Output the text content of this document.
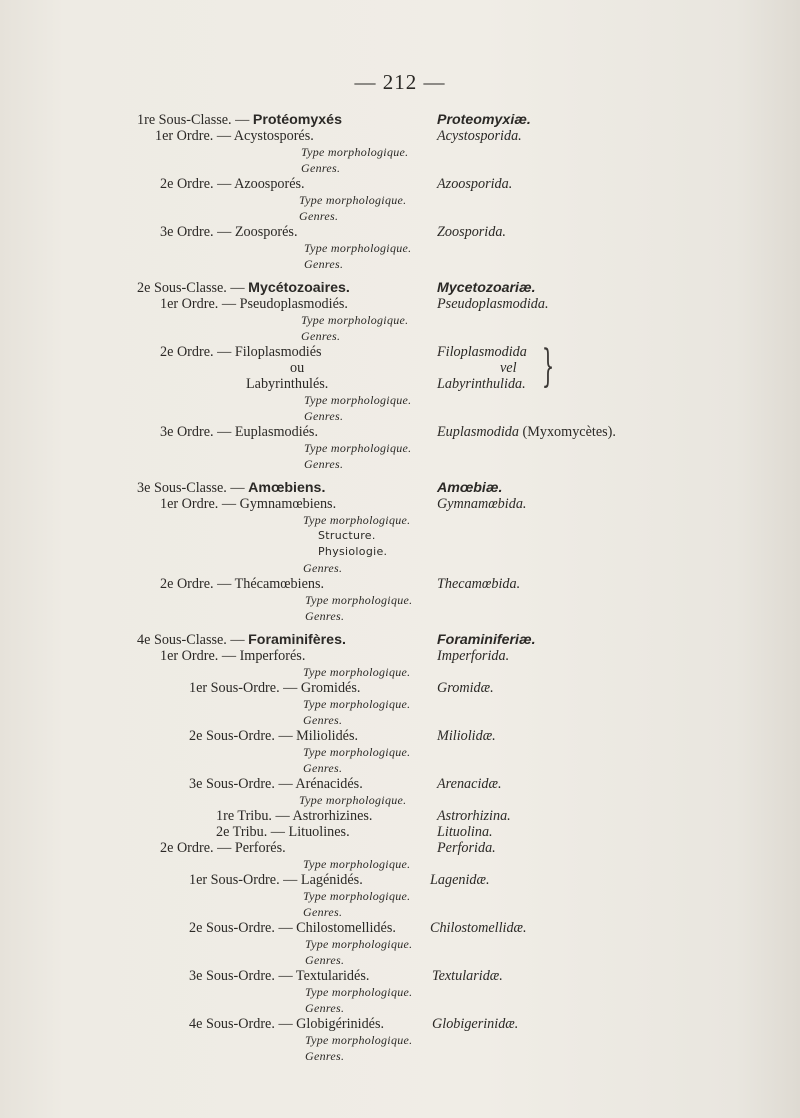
— 212 —
1re Sous-Classe. — Protéomyxés	Proteomyxiæ.
1er Ordre. — Acystosporés.	Acystosporida.
Type morphologique.
Genres.
2e Ordre. — Azoosporés.	Azoosporida.
Type morphologique.
Genres.
3e Ordre. — Zoosporés.	Zoosporida.
Type morphologique.
Genres.
2e Sous-Classe. — Mycétozoaires.	Mycetozoariæ.
1er Ordre. — Pseudoplasmodiés.	Pseudoplasmodida.
Type morphologique.
Genres.
2e Ordre. — Filoplasmodiés	Filoplasmodida
ou	vel
Labyrinthulés.	Labyrinthulida.
Type morphologique.
Genres.
3e Ordre. — Euplasmodiés.	Euplasmodida (Myxomycètes).
Type morphologique.
Genres.
3e Sous-Classe. — Amœbiens.	Amœbiæ.
1er Ordre. — Gymnamœbiens.	Gymnamœbida.
Type morphologique.
Structure.
Physiologie.
Genres.
2e Ordre. — Thécamœbiens.	Thecamœbida.
Type morphologique.
Genres.
4e Sous-Classe. — Foraminifères.	Foraminiferiæ.
1er Ordre. — Imperforés.	Imperforida.
Type morphologique.
1er Sous-Ordre. — Gromidés.	Gromidæ.
Type morphologique.
Genres.
2e Sous-Ordre. — Miliolidés.	Miliolidæ.
Type morphologique.
Genres.
3e Sous-Ordre. — Arénacidés.	Arenacidæ.
Type morphologique.
1re Tribu. — Astrorhizines.	Astrorhizina.
2e Tribu. — Lituolines.	Lituolina.
2e Ordre. — Perforés.	Perforida.
Type morphologique.
1er Sous-Ordre. — Lagénidés.	Lagenidæ.
Type morphologique.
Genres.
2e Sous-Ordre. — Chilostomellidés. Chilostomellidæ.
Type morphologique.
Genres.
3e Sous-Ordre. — Textularidés.	Textularidæ.
Type morphologique.
Genres.
4e Sous-Ordre. — Globigérinidés.	Globigerinidæ.
Type morphologique.
Genres.
}
